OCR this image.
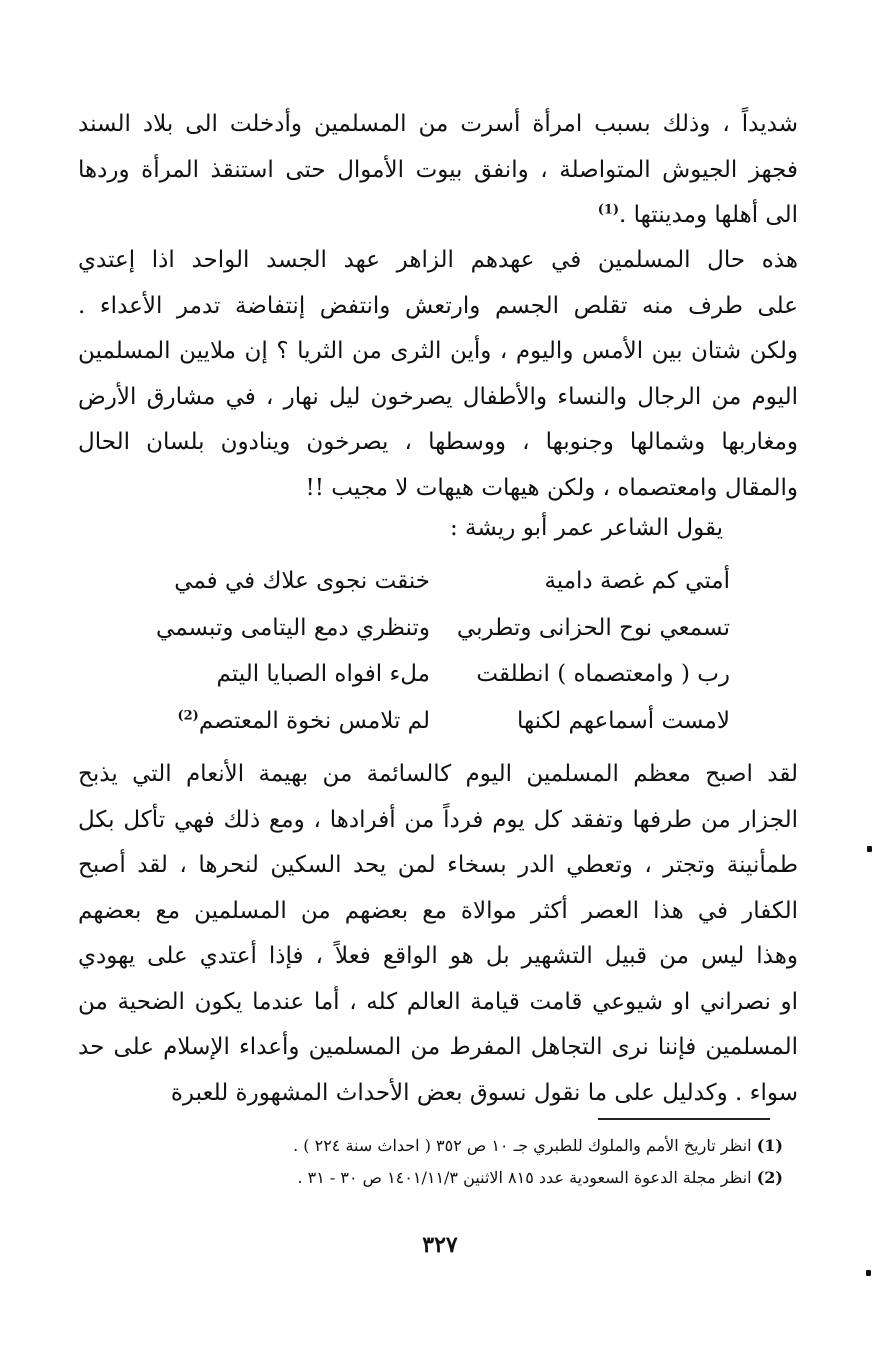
شديداً ، وذلك بسبب امرأة أسرت من المسلمين وأدخلت الى بلاد السند
فجهز الجيوش المتواصلة ، وانفق بيوت الأموال حتى استنقذ المرأة وردها
الى أهلها ومدينتها .$^{(1)}$
هذه حال المسلمين في عهدهم الزاهر عهد الجسد الواحد اذا إعتدي
على طرف منه تقلص الجسم وارتعش وانتفض إنتفاضة تدمر الأعداء .
ولكن شتان بين الأمس واليوم ، وأين الثرى من الثريا ؟ إن ملايين المسلمين
اليوم من الرجال والنساء والأطفال يصرخون ليل نهار ، في مشارق الأرض
ومغاربها وشمالها وجنوبها ، ووسطها ، يصرخون وينادون بلسان الحال
والمقال وامعتصماه ، ولكن هيهات هيهات لا مجيب !!
يقول الشاعر عمر أبو ريشة :
أمتي كم غصة دامية
خنقت نجوى علاك في فمي
تسمعي نوح الحزانى وتطربي
وتنظري دمع اليتامى وتبسمي
رب ( وامعتصماه ) انطلقت
ملء افواه الصبايا اليتم
لامست أسماعهم لكنها
لم تلامس نخوة المعتصم$^{(2)}$
لقد اصبح معظم المسلمين اليوم كالسائمة من بهيمة الأنعام التي يذبح
الجزار من طرفها وتفقد كل يوم فرداً من أفرادها ، ومع ذلك فهي تأكل بكل
طمأنينة وتجتر ، وتعطي الدر بسخاء لمن يحد السكين لنحرها ، لقد أصبح
الكفار في هذا العصر أكثر موالاة مع بعضهم من المسلمين مع بعضهم
وهذا ليس من قبيل التشهير بل هو الواقع فعلاً ، فإذا أعتدي على يهودي
او نصراني او شيوعي قامت قيامة العالم كله ، أما عندما يكون الضحية من
المسلمين فإننا نرى التجاهل المفرط من المسلمين وأعداء الإسلام على حد
سواء . وكدليل على ما نقول نسوق بعض الأحداث المشهورة للعبرة
(1) انظر تاريخ الأمم والملوك للطبري جـ ١٠ ص ٣٥٢ ( احداث سنة ٢٢٤ ) .
(2) انظر مجلة الدعوة السعودية عدد ٨١٥ الاثنين ١٤٠١/١١/٣ ص ٣٠ - ٣١ .
٣٢٧
